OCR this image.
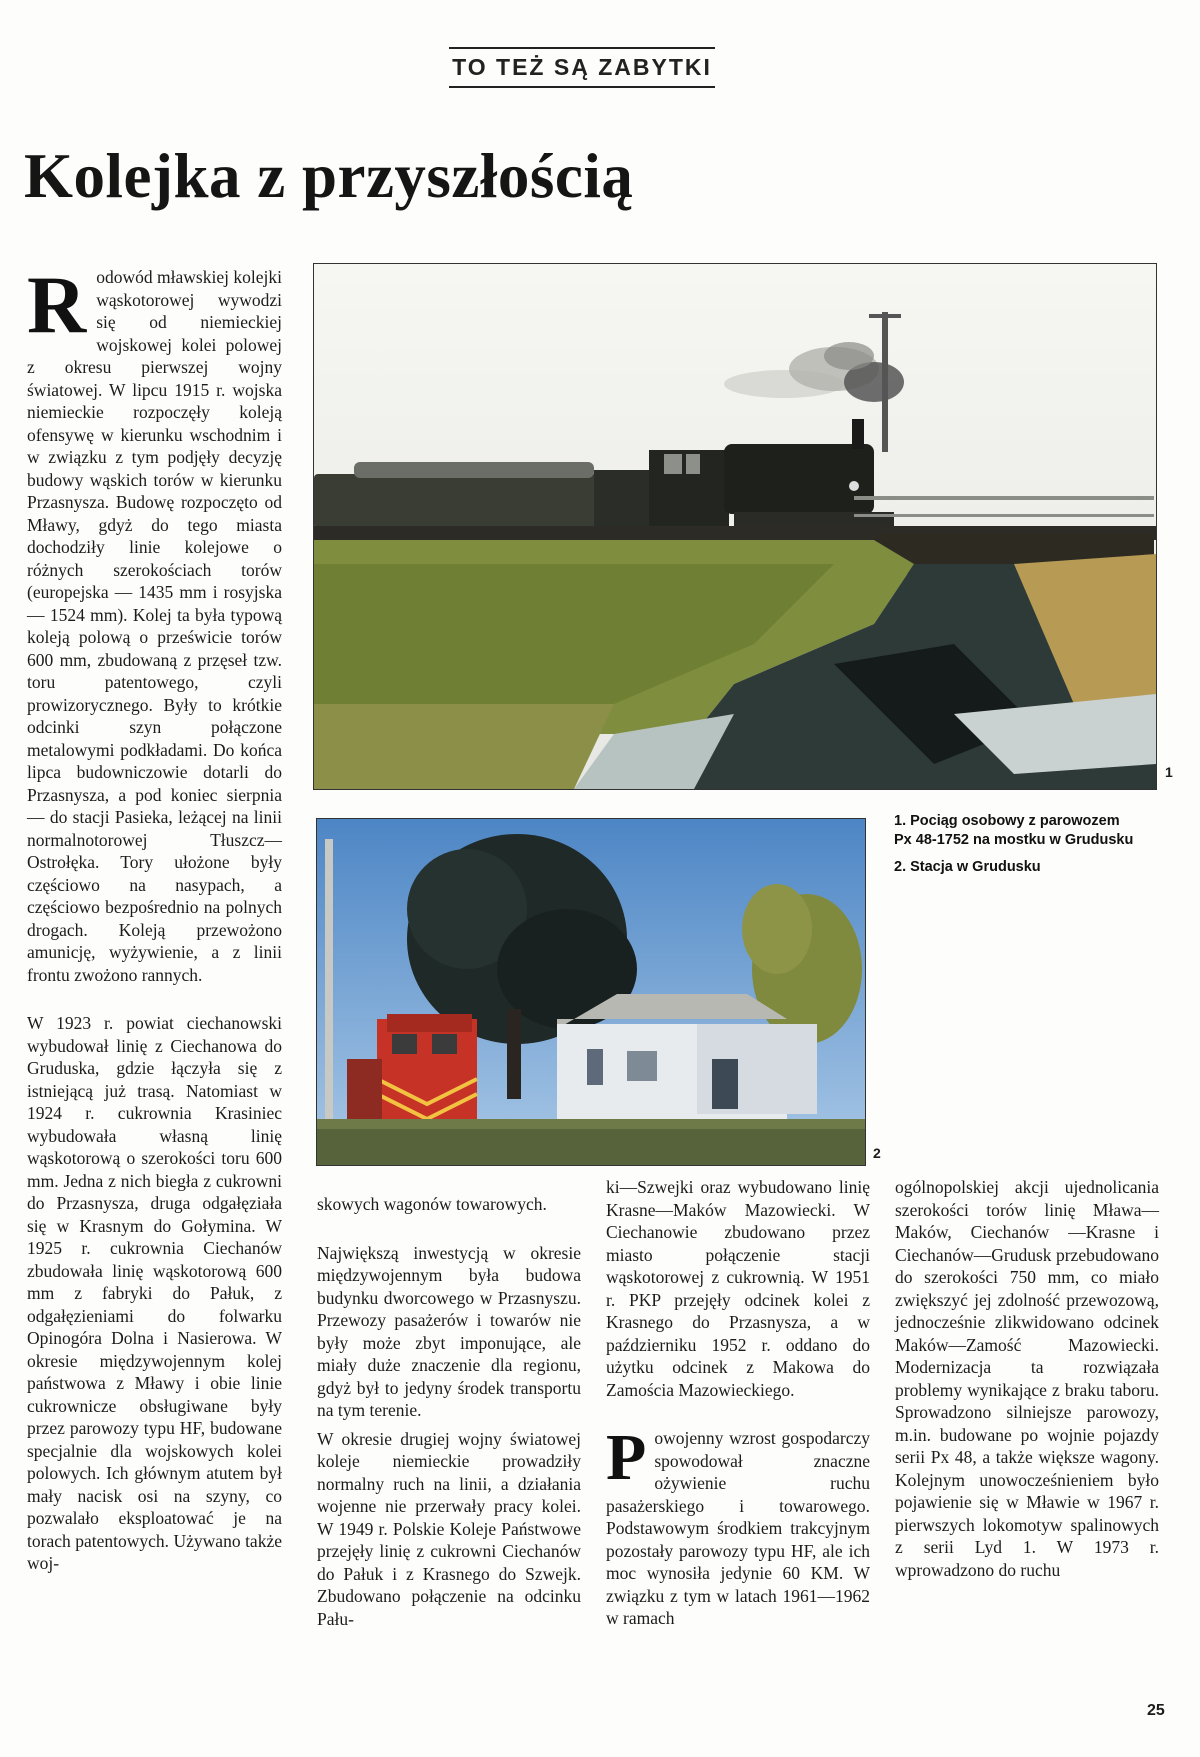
TO TEŻ SĄ ZABYTKI
Kolejka z przyszłością

Rodowód mławskiej kolejki wąskotorowej wywodzi się od niemieckiej wojskowej kolei polowej z okresu pierwszej wojny światowej. W lipcu 1915 r. wojska niemieckie rozpoczęły koleją ofensywę w kierunku wschodnim i w związku z tym podjęły decyzję budowy wąskich torów w kierunku Przasnysza. Budowę rozpoczęto od Mławy, gdyż do tego miasta dochodziły linie kolejowe o różnych szerokościach torów (europejska — 1435 mm i rosyjska — 1524 mm). Kolej ta była typową koleją polową o prześwicie torów 600 mm, zbudowaną z przęseł tzw. toru patentowego, czyli prowizorycznego. Były to krótkie odcinki szyn połączone metalowymi podkładami. Do końca lipca budowniczowie dotarli do Przasnysza, a pod koniec sierpnia — do stacji Pasieka, leżącej na linii normalnotorowej Tłuszcz—Ostrołęka. Tory ułożone były częściowo na nasypach, a częściowo bezpośrednio na polnych drogach. Koleją przewożono amunicję, wyżywienie, a z linii frontu zwożono rannych.

W 1923 r. powiat ciechanowski wybudował linię z Ciechanowa do Gruduska, gdzie łączyła się z istniejącą już trasą. Natomiast w 1924 r. cukrownia Krasiniec wybudowała własną linię wąskotorową o szerokości toru 600 mm. Jedna z nich biegła z cukrowni do Przasnysza, druga odgałęziała się w Krasnym do Gołymina. W 1925 r. cukrownia Ciechanów zbudowała linię wąskotorową 600 mm z fabryki do Pałuk, z odgałęzieniami do folwarku Opinogóra Dolna i Nasierowa. W okresie międzywojennym kolej państwowa z Mławy i obie linie cukrownicze obsługiwane były przez parowozy typu HF, budowane specjalnie dla wojskowych kolei polowych. Ich głównym atutem był mały nacisk osi na szyny, co pozwalało eksploatować je na torach patentowych. Używano także woj-

1
2
1. Pociąg osobowy z parowozem Px 48-1752 na mostku w Grudusku
2. Stacja w Grudusku

skowych wagonów towarowych.

Największą inwestycją w okresie międzywojennym była budowa budynku dworcowego w Przasnyszu. Przewozy pasażerów i towarów nie były może zbyt imponujące, ale miały duże znaczenie dla regionu, gdyż był to jedyny środek transportu na tym terenie.

W okresie drugiej wojny światowej koleje niemieckie prowadziły normalny ruch na linii, a działania wojenne nie przerwały pracy kolei. W 1949 r. Polskie Koleje Państwowe przejęły linię z cukrowni Ciechanów do Pałuk i z Krasnego do Szwejk. Zbudowano połączenie na odcinku Pału-

ki—Szwejki oraz wybudowano linię Krasne—Maków Mazowiecki. W Ciechanowie zbudowano przez miasto połączenie stacji wąskotorowej z cukrownią. W 1951 r. PKP przejęły odcinek kolei z Krasnego do Przasnysza, a w październiku 1952 r. oddano do użytku odcinek z Makowa do Zamościa Mazowieckiego.

Powojenny wzrost gospodarczy spowodował znaczne ożywienie ruchu pasażerskiego i towarowego. Podstawowym środkiem trakcyjnym pozostały parowozy typu HF, ale ich moc wynosiła jedynie 60 KM. W związku z tym w latach 1961—1962 w ramach

ogólnopolskiej akcji ujednolicania szerokości torów linię Mława—Maków, Ciechanów —Krasne i Ciechanów—Grudusk przebudowano do szerokości 750 mm, co miało zwiększyć jej zdolność przewozową, jednocześnie zlikwidowano odcinek Maków—Zamość Mazowiecki. Modernizacja ta rozwiązała problemy wynikające z braku taboru. Sprowadzono silniejsze parowozy, m.in. budowane po wojnie pojazdy serii Px 48, a także większe wagony. Kolejnym unowocześnieniem było pojawienie się w Mławie w 1967 r. pierwszych lokomotyw spalinowych z serii Lyd 1. W 1973 r. wprowadzono do ruchu

25
